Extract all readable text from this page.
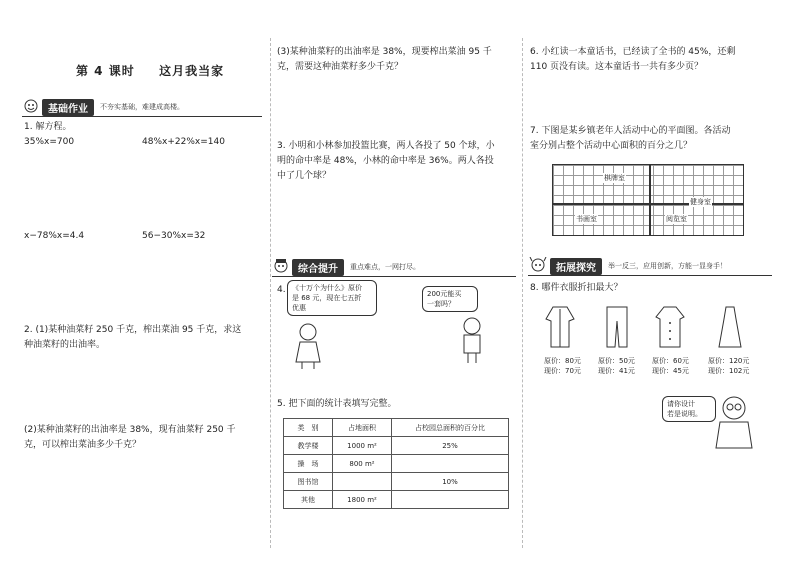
第 4 课时 这月我当家
基础作业	不夯实基础，难建成高楼。
1. 解方程。
35%x=700	48%x+22%x=140
x−78%x=4.4	56−30%x=32
2. (1)某种油菜籽 250 千克，榨出菜油 95 千克，求这
种油菜籽的出油率。
(2)某种油菜籽的出油率是 38%，现有油菜籽 250 千
克，可以榨出菜油多少千克？
(3)某种油菜籽的出油率是 38%，现要榨出菜油 95 千
克，需要这种油菜籽多少千克？
3. 小明和小林参加投篮比赛，两人各投了 50 个球，小
明的命中率是 48%，小林的命中率是 36%。两人各投
中了几个球？
综合提升	重点难点，一网打尽。
4. 《十万个为什么》原价
是 68 元，现在七五折
优惠
200元能买
一套吗？
5. 把下面的统计表填写完整。
类　别	占地面积	占校园总面积的百分比
教学楼	1000 m²	25%
操　场	800 m²	
图书馆		10%
其他	1800 m²	
6. 小红读一本童话书，已经读了全书的 45%，还剩
110 页没有读。这本童话书一共有多少页？
7. 下图是某乡镇老年人活动中心的平面图。各活动
室分别占整个活动中心面积的百分之几？
棋牌室
健身室
书画室	阅览室
拓展探究	举一反三，应用创新，方能一显身手！
8. 哪件衣服折扣最大？
原价：80元
现价：70元
原价：50元
现价：41元
原价：60元
现价：45元
原价：120元
现价：102元
请你设计
若是说明。
